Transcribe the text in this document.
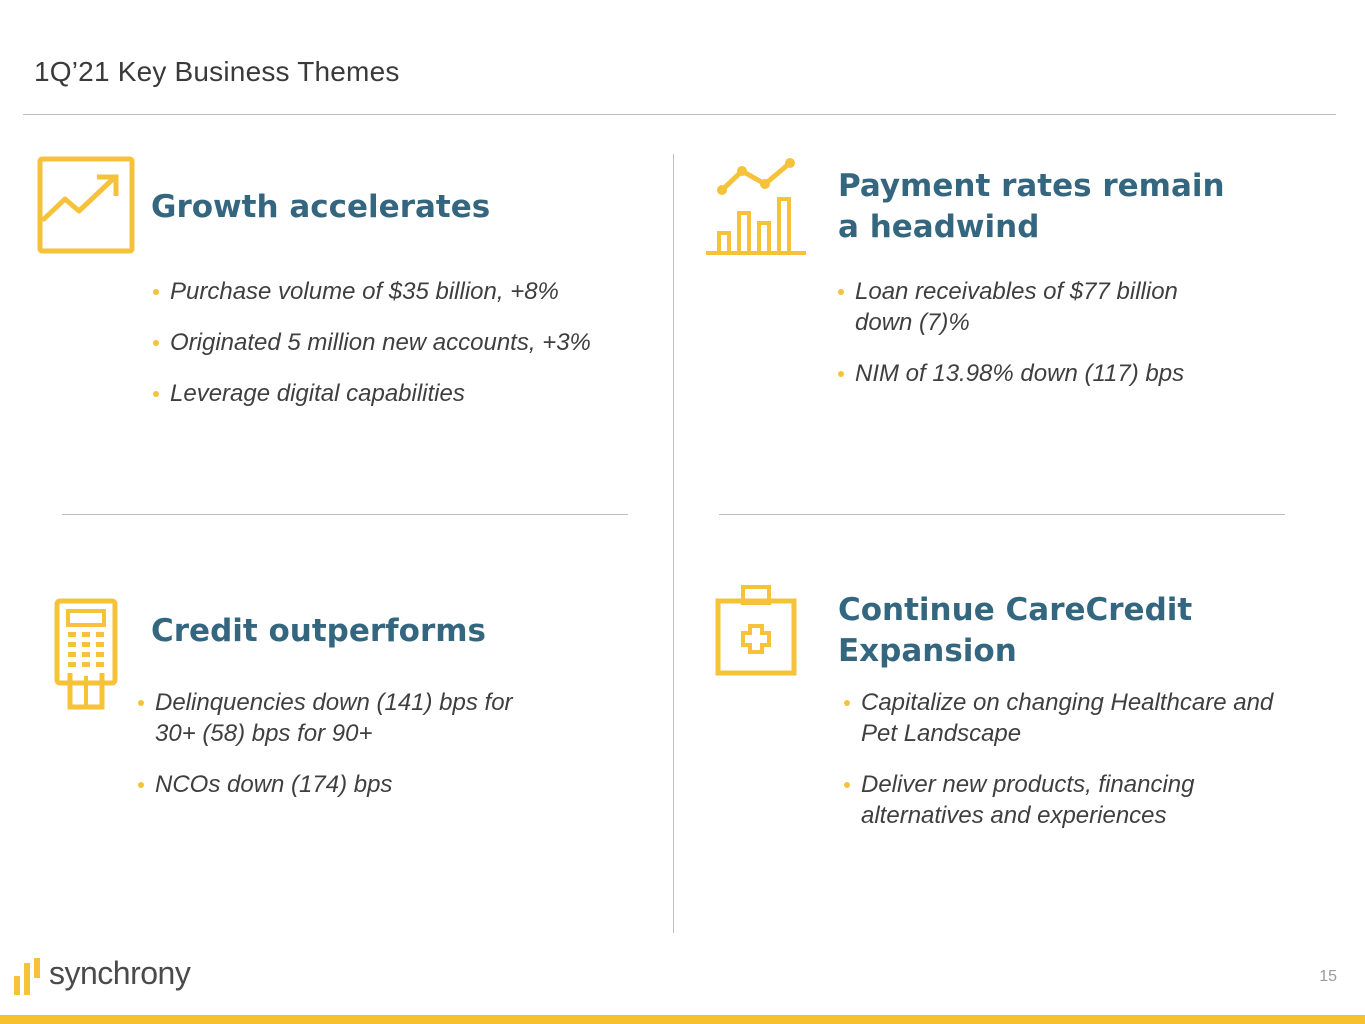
1Q’21 Key Business Themes
Growth accelerates
Purchase volume of $35 billion, +8%
Originated 5 million new accounts, +3%
Leverage digital capabilities
Payment rates remain
a headwind
Loan receivables of $77 billion down (7)%
NIM of 13.98% down (117) bps
Credit outperforms
Delinquencies down (141) bps for 30+ (58) bps for 90+
NCOs down (174) bps
Continue CareCredit
Expansion
Capitalize on changing Healthcare and Pet Landscape
Deliver new products, financing alternatives and experiences
synchrony	15
